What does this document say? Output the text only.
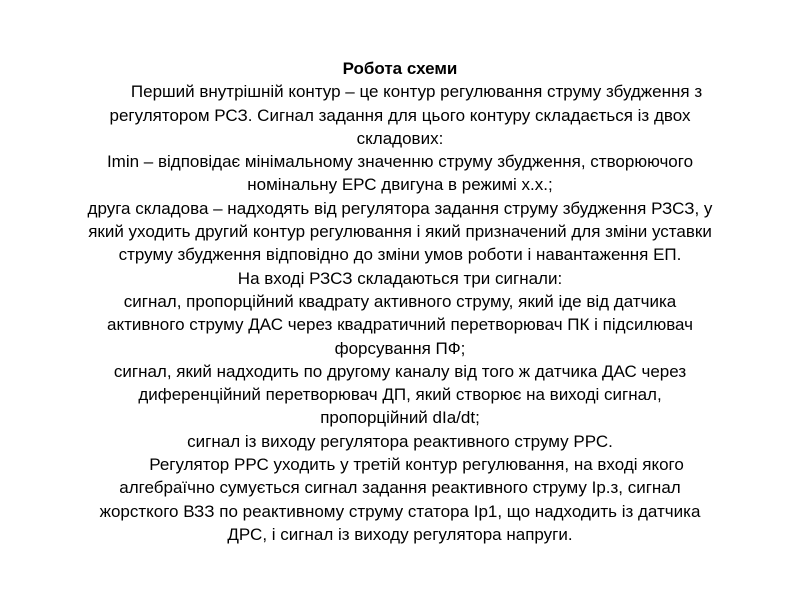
Робота схеми
Перший внутрішній контур – це контур регулювання струму збудження з
регулятором РСЗ. Сигнал задання для цього контуру складається із двох
складових:
Іmin – відповідає мінімальному значенню струму збудження, створюючого
номінальну ЕРС двигуна в режимі х.х.;
друга складова – надходять від регулятора задання струму збудження РЗСЗ, у
який уходить другий контур регулювання і який призначений для зміни уставки
струму збудження відповідно до зміни умов роботи і навантаження ЕП.
На вході РЗСЗ складаються три сигнали:
сигнал, пропорційний квадрату активного струму, який іде від датчика
активного струму ДАС через квадратичний перетворювач ПК і підсилювач
форсування ПФ;
сигнал, який надходить по другому каналу від того ж датчика ДАС через
диференційний перетворювач ДП, який створює на виході сигнал,
пропорційний dIa/dt;
сигнал із виходу регулятора реактивного струму РРС.
Регулятор РРС уходить у третій контур регулювання, на вході якого
алгебраїчно сумується сигнал задання реактивного струму Ір.з, сигнал
жорсткого ВЗЗ по реактивному струму статора Ір1, що надходить із датчика
ДРС, і сигнал із виходу регулятора напруги.
